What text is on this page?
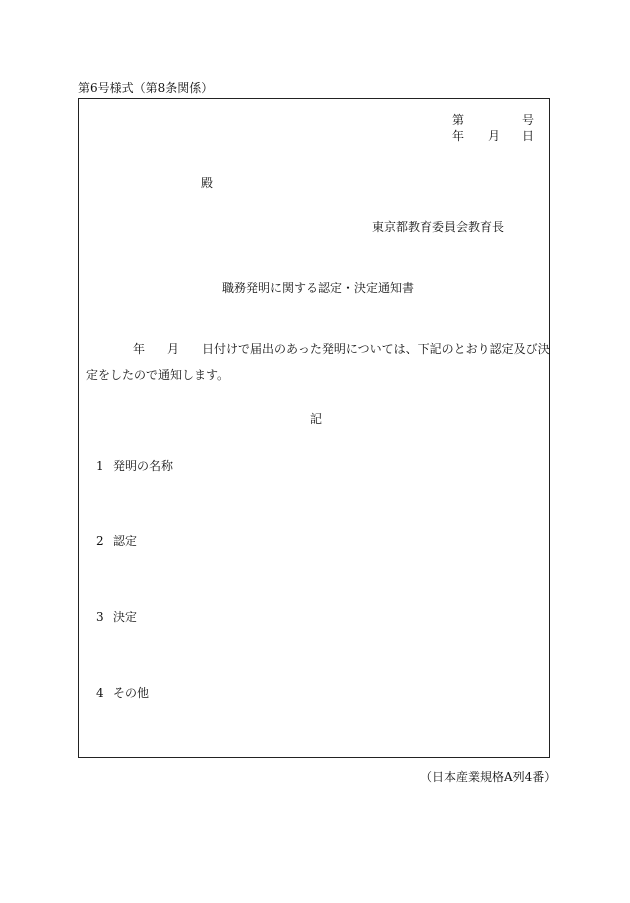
第6号様式（第8条関係）
第	号
年 月 日
殿
東京都教育委員会教育長
職務発明に関する認定・決定通知書
年 月 日付けで届出のあった発明については、下記のとおり認定及び決
定をしたので通知します。
記
1 発明の名称
2 認定
3 決定
4 その他
（日本産業規格A列4番）
